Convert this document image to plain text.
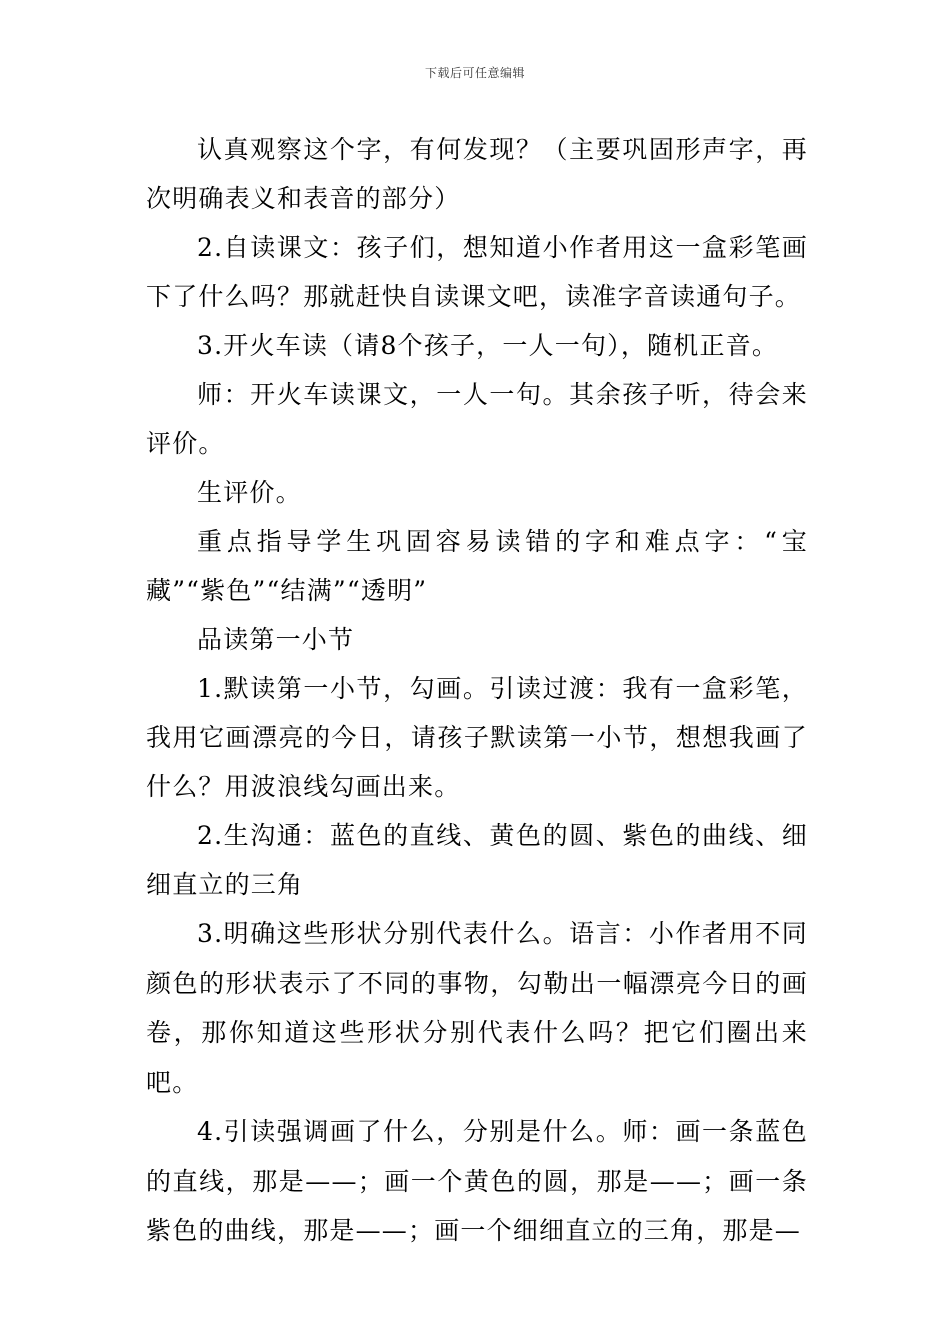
下载后可任意编辑

认真观察这个字，有何发现？（主要巩固形声字，再次明确表义和表音的部分）

2.自读课文：孩子们，想知道小作者用这一盒彩笔画下了什么吗？那就赶快自读课文吧，读准字音读通句子。

3.开火车读（请8个孩子，一人一句），随机正音。

师：开火车读课文，一人一句。其余孩子听，待会来评价。

生评价。

重点指导学生巩固容易读错的字和难点字：“宝藏”“紫色”“结满”“透明”

品读第一小节

1.默读第一小节，勾画。引读过渡：我有一盒彩笔，我用它画漂亮的今日，请孩子默读第一小节，想想我画了什么？用波浪线勾画出来。

2.生沟通：蓝色的直线、黄色的圆、紫色的曲线、细细直立的三角

3.明确这些形状分别代表什么。语言：小作者用不同颜色的形状表示了不同的事物，勾勒出一幅漂亮今日的画卷，那你知道这些形状分别代表什么吗？把它们圈出来吧。

4.引读强调画了什么，分别是什么。师：画一条蓝色的直线，那是——；画一个黄色的圆，那是——；画一条紫色的曲线，那是——；画一个细细直立的三角，那是—
